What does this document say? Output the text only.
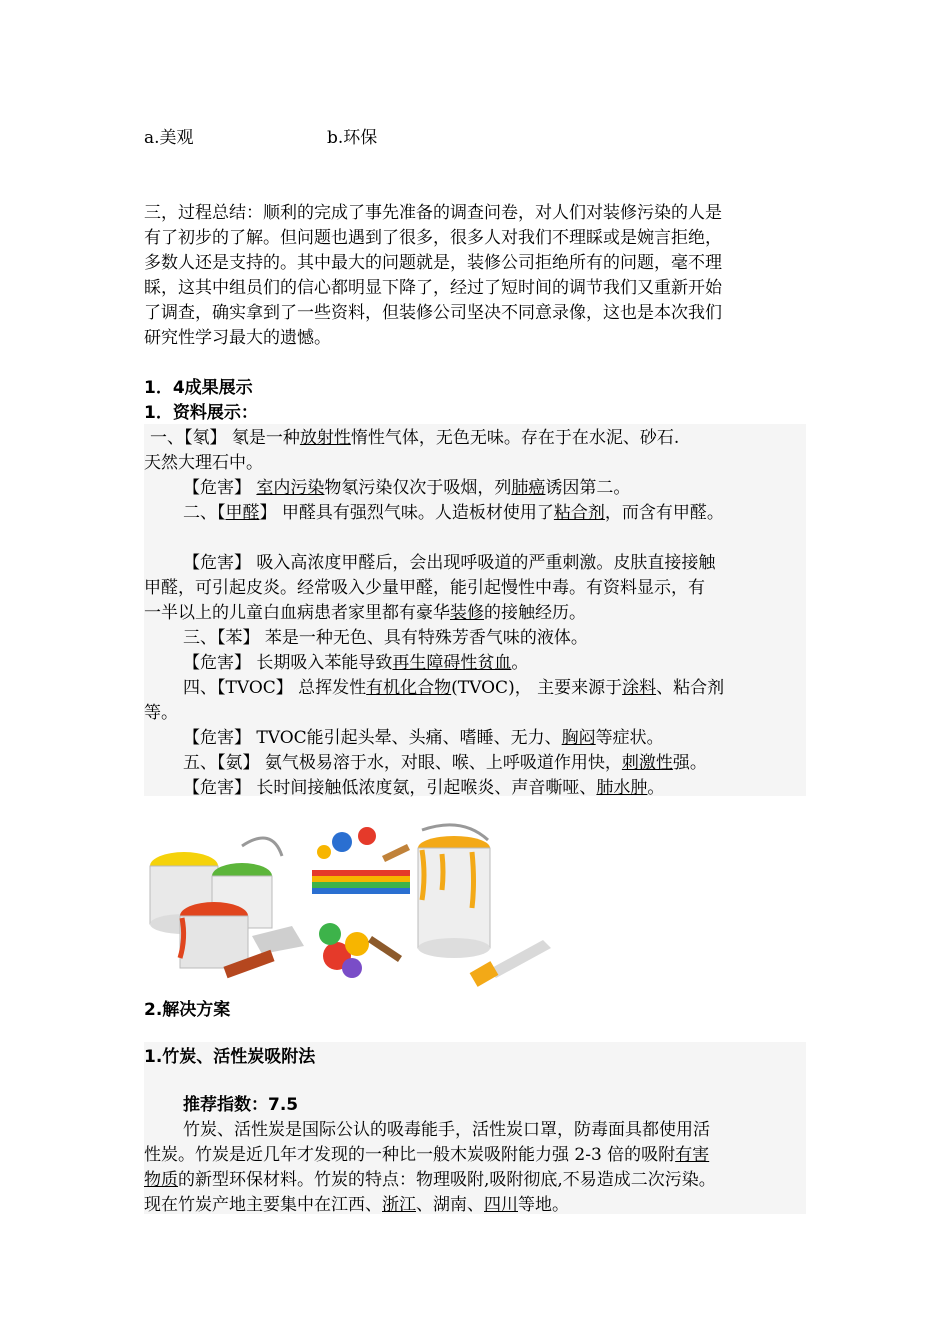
a.美观	b.环保
三，过程总结：顺利的完成了事先准备的调查问卷，对人们对装修污染的人是
有了初步的了解。但问题也遇到了很多，很多人对我们不理睬或是婉言拒绝，
多数人还是支持的。其中最大的问题就是，装修公司拒绝所有的问题，毫不理
睬，这其中组员们的信心都明显下降了，经过了短时间的调节我们又重新开始
了调查，确实拿到了一些资料，但装修公司坚决不同意录像，这也是本次我们
研究性学习最大的遗憾。
1．4成果展示
1．资料展示：
一、【氡】 氡是一种放射性惰性气体，无色无味。存在于在水泥、砂石.
天然大理石中。
【危害】 室内污染物氡污染仅次于吸烟，列肺癌诱因第二。
二、【甲醛】 甲醛具有强烈气味。人造板材使用了粘合剂，而含有甲醛。
【危害】 吸入高浓度甲醛后，会出现呼吸道的严重刺激。皮肤直接接触
甲醛，可引起皮炎。经常吸入少量甲醛，能引起慢性中毒。有资料显示，有
一半以上的儿童白血病患者家里都有豪华装修的接触经历。
三、【苯】 苯是一种无色、具有特殊芳香气味的液体。
【危害】 长期吸入苯能导致再生障碍性贫血。
四、【TVOC】 总挥发性有机化合物(TVOC)， 主要来源于涂料、粘合剂
等。
【危害】 TVOC能引起头晕、头痛、嗜睡、无力、胸闷等症状。
五、【氨】 氨气极易溶于水，对眼、喉、上呼吸道作用快，刺激性强。
【危害】 长时间接触低浓度氨，引起喉炎、声音嘶哑、肺水肿。
2.解决方案
1.竹炭、活性炭吸附法
推荐指数：7.5
竹炭、活性炭是国际公认的吸毒能手，活性炭口罩，防毒面具都使用活
性炭。竹炭是近几年才发现的一种比一般木炭吸附能力强 2-3 倍的吸附有害
物质的新型环保材料。竹炭的特点：物理吸附,吸附彻底,不易造成二次污染。
现在竹炭产地主要集中在江西、浙江、湖南、四川等地。
